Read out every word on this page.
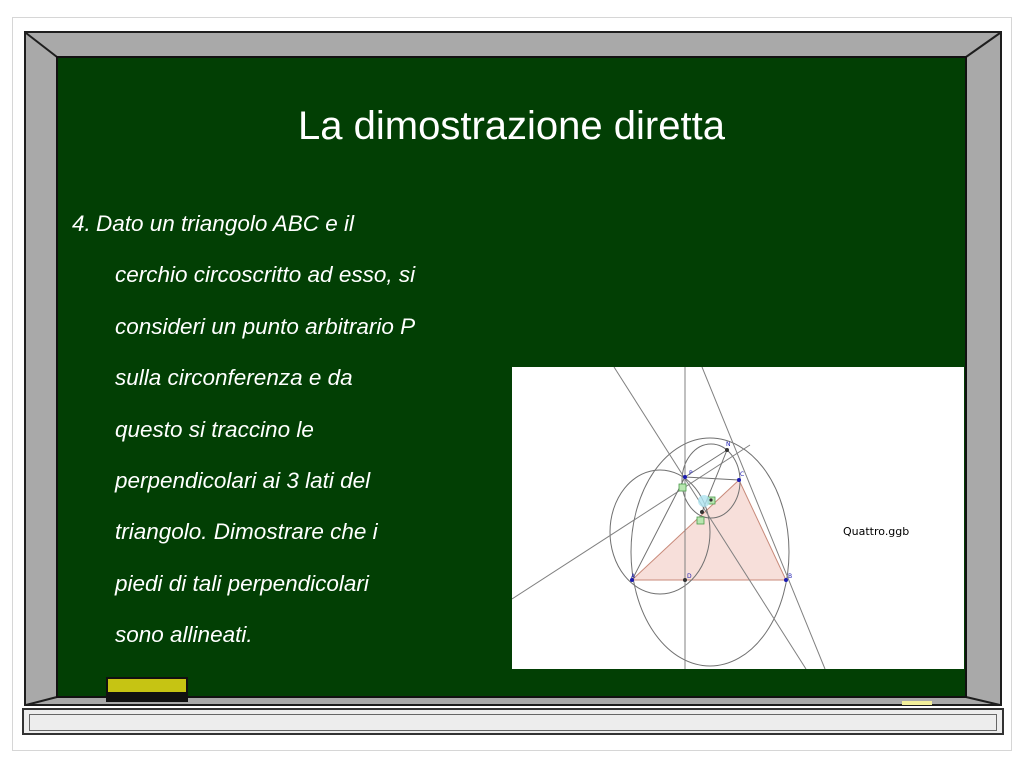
La dimostrazione diretta
4. Dato un triangolo ABC e il
cerchio circoscritto ad esso, si
consideri un punto arbitrario P
sulla circonferenza e da
questo si traccino le
perpendicolari ai 3 lati del
triangolo. Dimostrare che i
piedi di tali perpendicolari
sono allineati.
A	B
C
P
N
D
Quattro.ggb
